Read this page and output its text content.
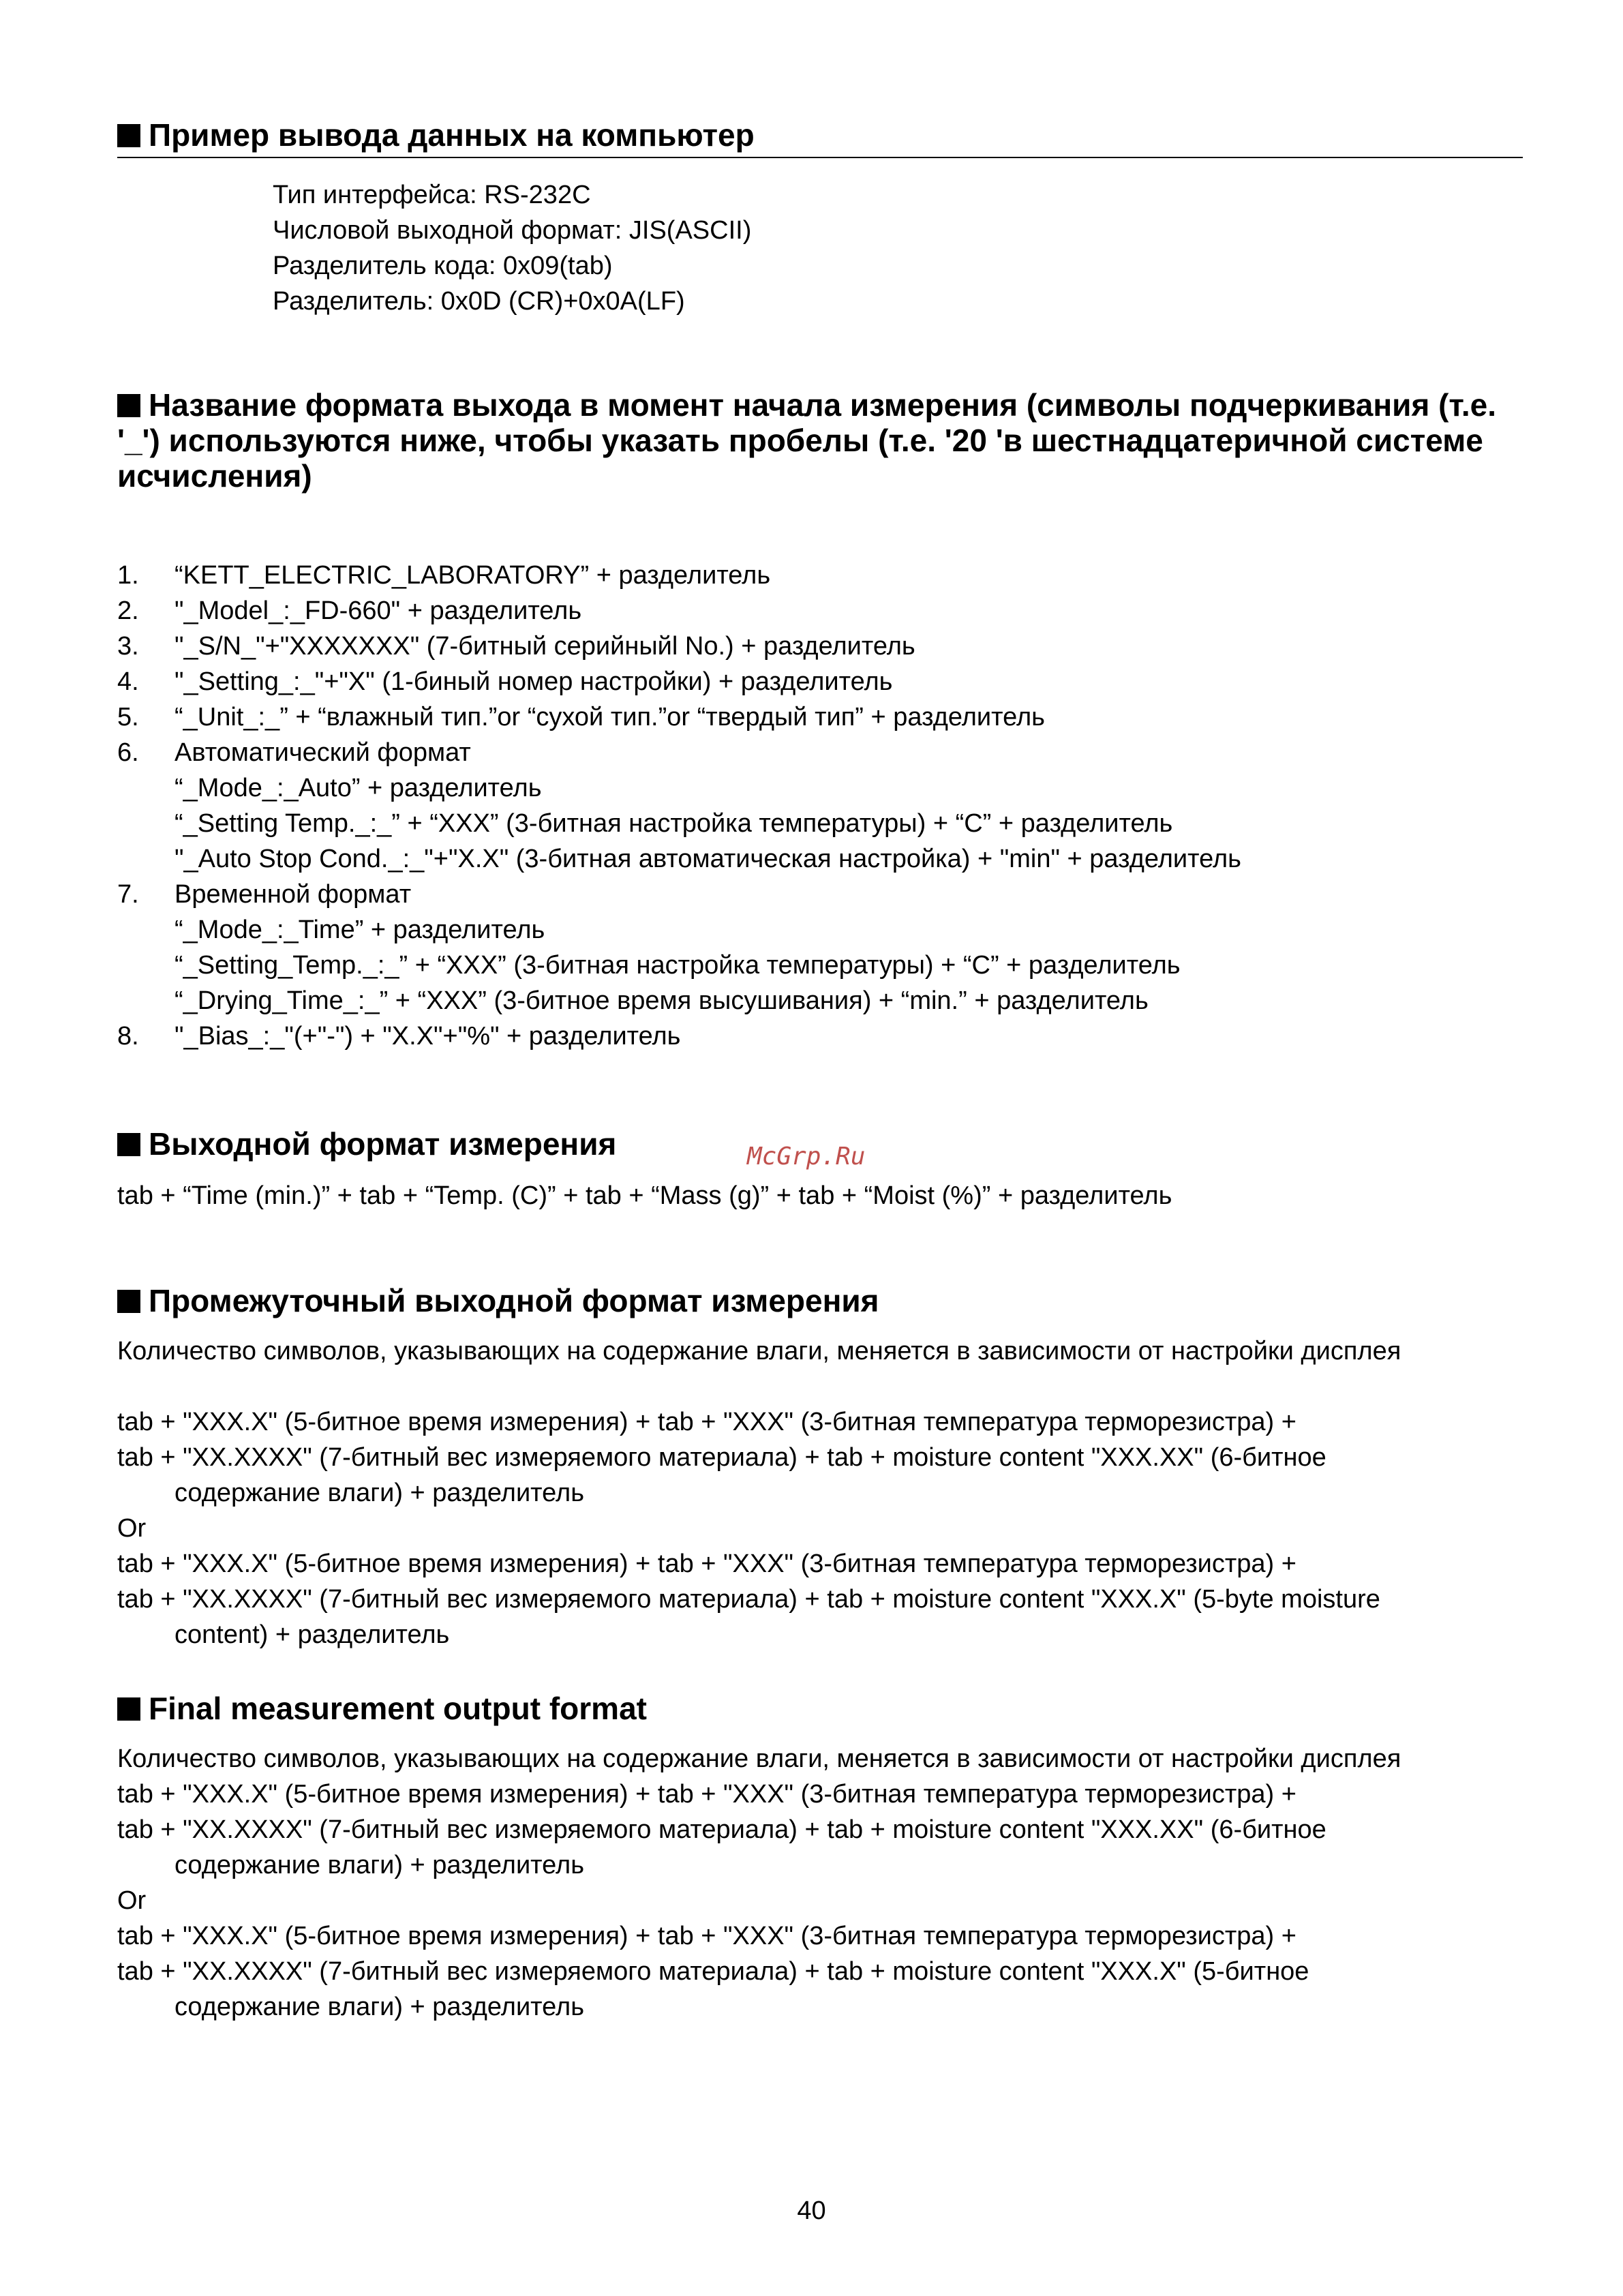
Пример вывода данных на компьютер
Тип интерфейса: RS-232C
Числовой выходной формат: JIS(ASCII)
Разделитель кода: 0x09(tab)
Разделитель: 0x0D (CR)+0x0A(LF)
Название формата выхода в момент начала измерения (символы подчеркивания (т.е. '_') используются ниже, чтобы указать пробелы (т.е. '20 'в шестнадцатеричной системе исчисления)
1. “KETT_ELECTRIC_LABORATORY” + разделитель
2. "_Model_:_FD-660" + разделитель
3. "_S/N_"+"XXXXXXX" (7-битный серийныйl No.) + разделитель
4. "_Setting_:_"+"X" (1-биный номер настройки) + разделитель
5. “_Unit_:_” + “влажный тип.”or “сухой тип.”or “твердый тип” + разделитель
6. Автоматический формат
“_Mode_:_Auto” + разделитель
“_Setting Temp._:_” + “XXX” (3-битная настройка температуры) + “C” + разделитель
"_Auto Stop Cond._:_"+"X.X" (3-битная автоматическая настройка) + "min" + разделитель
7. Временной формат
“_Mode_:_Time” + разделитель
“_Setting_Temp._:_” + “XXX” (3-битная настройка температуры) + “C” + разделитель
“_Drying_Time_:_” + “XXX” (3-битное время высушивания) + “min.” + разделитель
8. "_Bias_:_"(+"-") + "X.X"+"%" + разделитель
Выходной формат измерения	McGrp.Ru
tab + “Time (min.)” + tab + “Temp. (C)” + tab + “Mass (g)” + tab + “Moist (%)” + разделитель
Промежуточный выходной формат измерения
Количество символов, указывающих на содержание влаги, меняется в зависимости от настройки дисплея
tab + "XXX.X" (5-битное время измерения) + tab + "XXX" (3-битная температура терморезистра) +
tab + "XX.XXXX" (7-битный вес измеряемого материала) + tab + moisture content "XXX.XX" (6-битное
содержание влаги) + разделитель
Or
tab + "XXX.X" (5-битное время измерения) + tab + "XXX" (3-битная температура терморезистра) +
tab + "XX.XXXX" (7-битный вес измеряемого материала) + tab + moisture content "XXX.X" (5-byte moisture
content) + разделитель
Final measurement output format
Количество символов, указывающих на содержание влаги, меняется в зависимости от настройки дисплея
tab + "XXX.X" (5-битное время измерения) + tab + "XXX" (3-битная температура терморезистра) +
tab + "XX.XXXX" (7-битный вес измеряемого материала) + tab + moisture content "XXX.XX" (6-битное
содержание влаги) + разделитель
Or
tab + "XXX.X" (5-битное время измерения) + tab + "XXX" (3-битная температура терморезистра) +
tab + "XX.XXXX" (7-битный вес измеряемого материала) + tab + moisture content "XXX.X" (5-битное
содержание влаги) + разделитель
40
